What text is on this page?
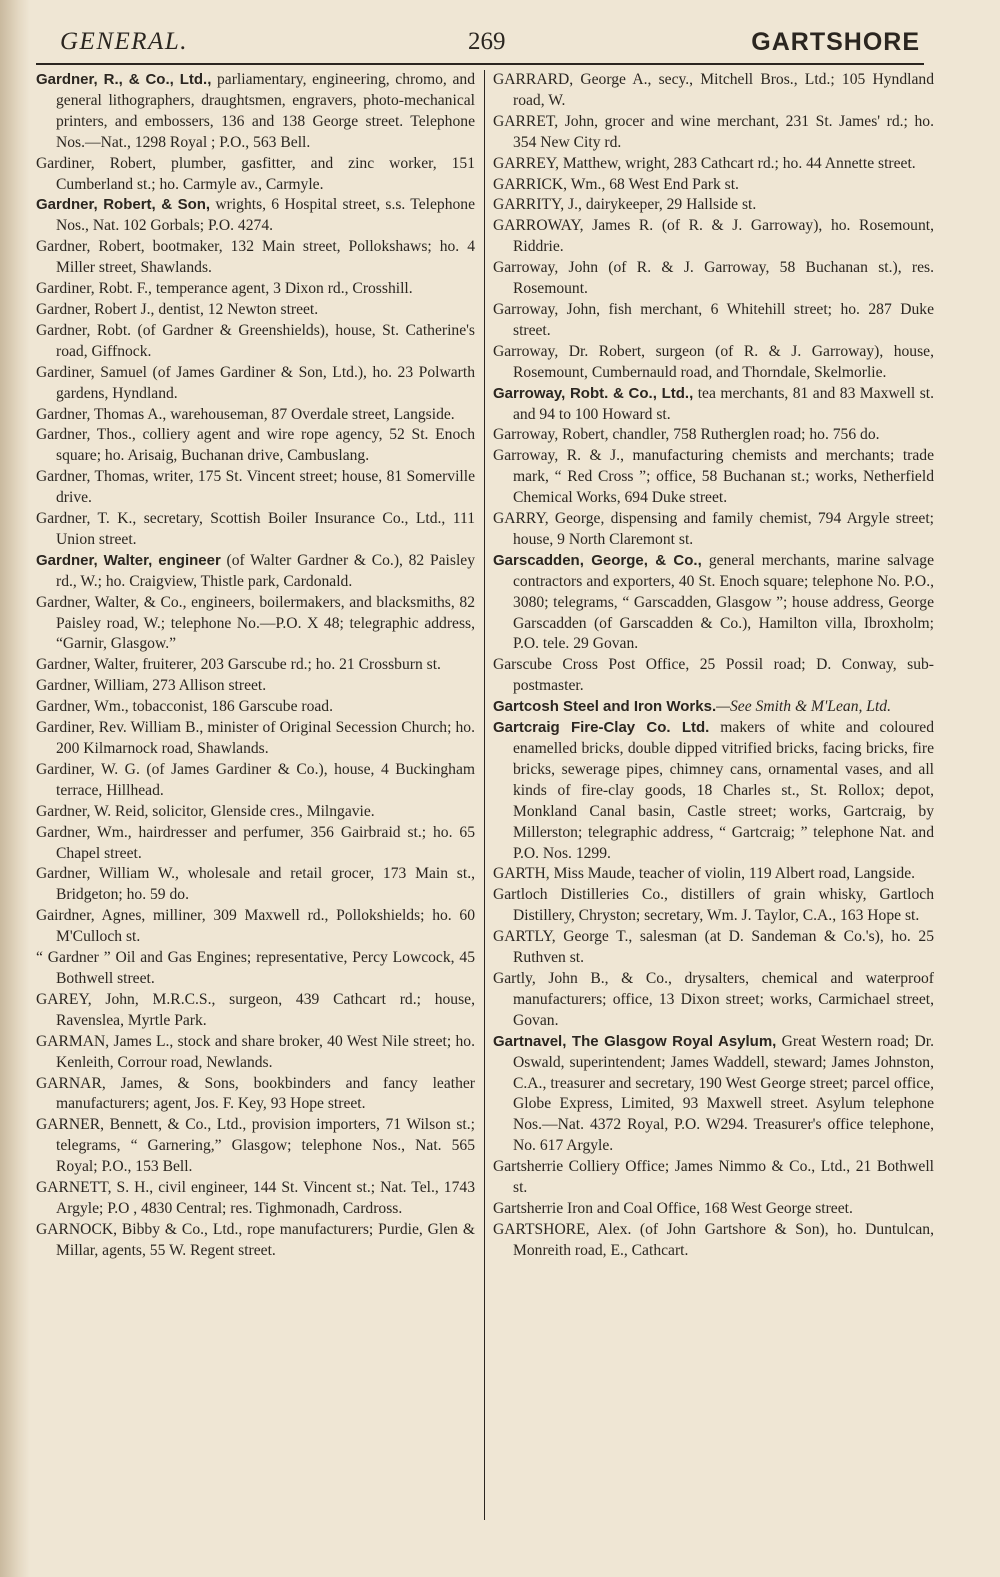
GENERAL.	269	GARTSHORE

Gardner, R., & Co., Ltd., parliamentary, engineering, chromo, and general lithographers, draughtsmen, engravers, photo-mechanical printers, and embossers, 136 and 138 George street. Telephone Nos.—Nat., 1298 Royal ; P.O., 563 Bell.

Gardiner, Robert, plumber, gasfitter, and zinc worker, 151 Cumberland st.; ho. Carmyle av., Carmyle.

Gardner, Robert, & Son, wrights, 6 Hospital street, s.s. Telephone Nos., Nat. 102 Gorbals; P.O. 4274.

Gardner, Robert, bootmaker, 132 Main street, Pollokshaws; ho. 4 Miller street, Shawlands.

Gardiner, Robt. F., temperance agent, 3 Dixon rd., Crosshill.

Gardner, Robert J., dentist, 12 Newton street.

Gardner, Robt. (of Gardner & Greenshields), house, St. Catherine's road, Giffnock.

Gardiner, Samuel (of James Gardiner & Son, Ltd.), ho. 23 Polwarth gardens, Hyndland.

Gardner, Thomas A., warehouseman, 87 Overdale street, Langside.

Gardner, Thos., colliery agent and wire rope agency, 52 St. Enoch square; ho. Arisaig, Buchanan drive, Cambuslang.

Gardner, Thomas, writer, 175 St. Vincent street; house, 81 Somerville drive.

Gardner, T. K., secretary, Scottish Boiler Insurance Co., Ltd., 111 Union street.

Gardner, Walter, engineer (of Walter Gardner & Co.), 82 Paisley rd., W.; ho. Craigview, Thistle park, Cardonald.

Gardner, Walter, & Co., engineers, boilermakers, and blacksmiths, 82 Paisley road, W.; telephone No.—P.O. X 48; telegraphic address, “Garnir, Glasgow.”

Gardner, Walter, fruiterer, 203 Garscube rd.; ho. 21 Crossburn st.

Gardner, William, 273 Allison street.

Gardner, Wm., tobacconist, 186 Garscube road.

Gardiner, Rev. William B., minister of Original Secession Church; ho. 200 Kilmarnock road, Shawlands.

Gardiner, W. G. (of James Gardiner & Co.), house, 4 Buckingham terrace, Hillhead.

Gardner, W. Reid, solicitor, Glenside cres., Milngavie.

Gardner, Wm., hairdresser and perfumer, 356 Gairbraid st.; ho. 65 Chapel street.

Gardner, William W., wholesale and retail grocer, 173 Main st., Bridgeton; ho. 59 do.

Gairdner, Agnes, milliner, 309 Maxwell rd., Pollokshields; ho. 60 M'Culloch st.

“ Gardner ” Oil and Gas Engines; representative, Percy Lowcock, 45 Bothwell street.

GAREY, John, M.R.C.S., surgeon, 439 Cathcart rd.; house, Ravenslea, Myrtle Park.

GARMAN, James L., stock and share broker, 40 West Nile street; ho. Kenleith, Corrour road, Newlands.

GARNAR, James, & Sons, bookbinders and fancy leather manufacturers; agent, Jos. F. Key, 93 Hope street.

GARNER, Bennett, & Co., Ltd., provision importers, 71 Wilson st.; telegrams, “ Garnering,” Glasgow; telephone Nos., Nat. 565 Royal; P.O., 153 Bell.

GARNETT, S. H., civil engineer, 144 St. Vincent st.; Nat. Tel., 1743 Argyle; P.O , 4830 Central; res. Tighmonadh, Cardross.

GARNOCK, Bibby & Co., Ltd., rope manufacturers; Purdie, Glen & Millar, agents, 55 W. Regent street.

GARRARD, George A., secy., Mitchell Bros., Ltd.; 105 Hyndland road, W.

GARRET, John, grocer and wine merchant, 231 St. James' rd.; ho. 354 New City rd.

GARREY, Matthew, wright, 283 Cathcart rd.; ho. 44 Annette street.

GARRICK, Wm., 68 West End Park st.

GARRITY, J., dairykeeper, 29 Hallside st.

GARROWAY, James R. (of R. & J. Garroway), ho. Rosemount, Riddrie.

Garroway, John (of R. & J. Garroway, 58 Buchanan st.), res. Rosemount.

Garroway, John, fish merchant, 6 Whitehill street; ho. 287 Duke street.

Garroway, Dr. Robert, surgeon (of R. & J. Garroway), house, Rosemount, Cumbernauld road, and Thorndale, Skelmorlie.

Garroway, Robt. & Co., Ltd., tea merchants, 81 and 83 Maxwell st. and 94 to 100 Howard st.

Garroway, Robert, chandler, 758 Rutherglen road; ho. 756 do.

Garroway, R. & J., manufacturing chemists and merchants; trade mark, “ Red Cross ”; office, 58 Buchanan st.; works, Netherfield Chemical Works, 694 Duke street.

GARRY, George, dispensing and family chemist, 794 Argyle street; house, 9 North Claremont st.

Garscadden, George, & Co., general merchants, marine salvage contractors and exporters, 40 St. Enoch square; telephone No. P.O., 3080; telegrams, “ Garscadden, Glasgow ”; house address, George Garscadden (of Garscadden & Co.), Hamilton villa, Ibroxholm; P.O. tele. 29 Govan.

Garscube Cross Post Office, 25 Possil road; D. Conway, sub-postmaster.

Gartcosh Steel and Iron Works.—See Smith & M'Lean, Ltd.

Gartcraig Fire-Clay Co. Ltd. makers of white and coloured enamelled bricks, double dipped vitrified bricks, facing bricks, fire bricks, sewerage pipes, chimney cans, ornamental vases, and all kinds of fire-clay goods, 18 Charles st., St. Rollox; depot, Monkland Canal basin, Castle street; works, Gartcraig, by Millerston; telegraphic address, “ Gartcraig; ” telephone Nat. and P.O. Nos. 1299.

GARTH, Miss Maude, teacher of violin, 119 Albert road, Langside.

Gartloch Distilleries Co., distillers of grain whisky, Gartloch Distillery, Chryston; secretary, Wm. J. Taylor, C.A., 163 Hope st.

GARTLY, George T., salesman (at D. Sandeman & Co.'s), ho. 25 Ruthven st.

Gartly, John B., & Co., drysalters, chemical and waterproof manufacturers; office, 13 Dixon street; works, Carmichael street, Govan.

Gartnavel, The Glasgow Royal Asylum, Great Western road; Dr. Oswald, superintendent; James Waddell, steward; James Johnston, C.A., treasurer and secretary, 190 West George street; parcel office, Globe Express, Limited, 93 Maxwell street. Asylum telephone Nos.—Nat. 4372 Royal, P.O. W294. Treasurer's office telephone, No. 617 Argyle.

Gartsherrie Colliery Office; James Nimmo & Co., Ltd., 21 Bothwell st.

Gartsherrie Iron and Coal Office, 168 West George street.

GARTSHORE, Alex. (of John Gartshore & Son), ho. Duntulcan, Monreith road, E., Cathcart.
